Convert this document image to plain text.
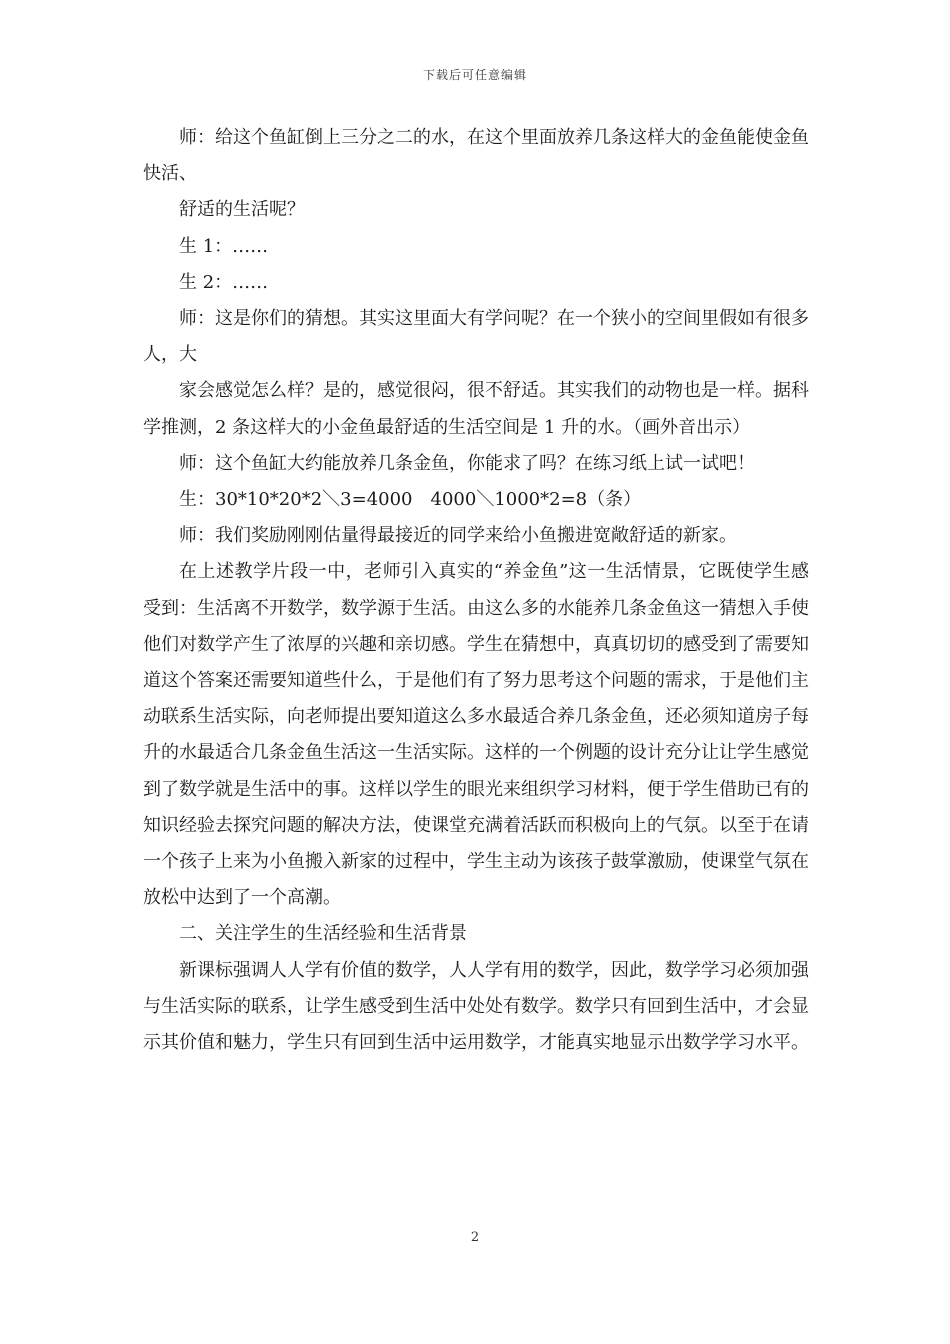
下载后可任意编辑

师：给这个鱼缸倒上三分之二的水，在这个里面放养几条这样大的金鱼能使金鱼快活、

舒适的生活呢？

生 1：……

生 2：……

师：这是你们的猜想。其实这里面大有学问呢？在一个狭小的空间里假如有很多人，大

家会感觉怎么样？是的，感觉很闷，很不舒适。其实我们的动物也是一样。据科学推测，2 条这样大的小金鱼最舒适的生活空间是 1 升的水。（画外音出示）

师：这个鱼缸大约能放养几条金鱼，你能求了吗？在练习纸上试一试吧！

生：30*10*20*2＼3=4000　4000＼1000*2=8（条）

师：我们奖励刚刚估量得最接近的同学来给小鱼搬进宽敞舒适的新家。

在上述教学片段一中，老师引入真实的“养金鱼”这一生活情景，它既使学生感受到：生活离不开数学，数学源于生活。由这么多的水能养几条金鱼这一猜想入手使他们对数学产生了浓厚的兴趣和亲切感。学生在猜想中，真真切切的感受到了需要知道这个答案还需要知道些什么，于是他们有了努力思考这个问题的需求，于是他们主动联系生活实际，向老师提出要知道这么多水最适合养几条金鱼，还必须知道房子每升的水最适合几条金鱼生活这一生活实际。这样的一个例题的设计充分让让学生感觉到了数学就是生活中的事。这样以学生的眼光来组织学习材料，便于学生借助已有的知识经验去探究问题的解决方法，使课堂充满着活跃而积极向上的气氛。以至于在请一个孩子上来为小鱼搬入新家的过程中，学生主动为该孩子鼓掌激励，使课堂气氛在放松中达到了一个高潮。

二、关注学生的生活经验和生活背景

新课标强调人人学有价值的数学，人人学有用的数学，因此，数学学习必须加强与生活实际的联系，让学生感受到生活中处处有数学。数学只有回到生活中，才会显示其价值和魅力，学生只有回到生活中运用数学，才能真实地显示出数学学习水平。

2
